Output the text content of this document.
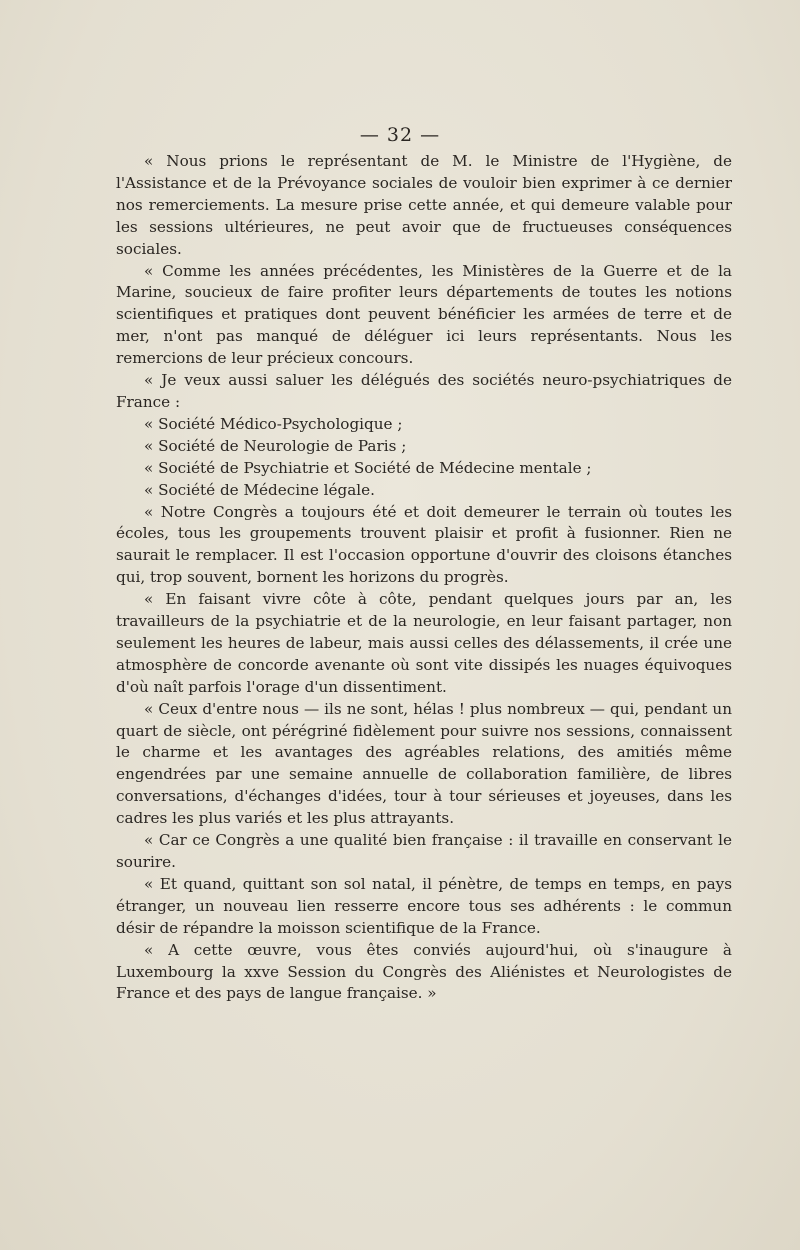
— 32 —

« Nous prions le représentant de M. le Ministre de l'Hygiène, de l'Assistance et de la Prévoyance sociales de vouloir bien exprimer à ce dernier nos remerciements. La mesure prise cette année, et qui demeure valable pour les sessions ultérieures, ne peut avoir que de fructueuses conséquences sociales.

« Comme les années précédentes, les Ministères de la Guerre et de la Marine, soucieux de faire profiter leurs départements de toutes les notions scientifiques et pratiques dont peuvent bénéficier les armées de terre et de mer, n'ont pas manqué de déléguer ici leurs représentants. Nous les remercions de leur précieux concours.

« Je veux aussi saluer les délégués des sociétés neuro-psychiatriques de France :

« Société Médico-Psychologique ;

« Société de Neurologie de Paris ;

« Société de Psychiatrie et Société de Médecine mentale ;

« Société de Médecine légale.

« Notre Congrès a toujours été et doit demeurer le terrain où toutes les écoles, tous les groupements trouvent plaisir et profit à fusionner. Rien ne saurait le remplacer. Il est l'occasion opportune d'ouvrir des cloisons étanches qui, trop souvent, bornent les horizons du progrès.

« En faisant vivre côte à côte, pendant quelques jours par an, les travailleurs de la psychiatrie et de la neurologie, en leur faisant partager, non seulement les heures de labeur, mais aussi celles des délassements, il crée une atmosphère de concorde avenante où sont vite dissipés les nuages équivoques d'où naît parfois l'orage d'un dissentiment.

« Ceux d'entre nous — ils ne sont, hélas ! plus nombreux — qui, pendant un quart de siècle, ont pérégriné fidèlement pour suivre nos sessions, connaissent le charme et les avantages des agréables relations, des amitiés même engendrées par une semaine annuelle de collaboration familière, de libres conversations, d'échanges d'idées, tour à tour sérieuses et joyeuses, dans les cadres les plus variés et les plus attrayants.

« Car ce Congrès a une qualité bien française : il travaille en conservant le sourire.

« Et quand, quittant son sol natal, il pénètre, de temps en temps, en pays étranger, un nouveau lien resserre encore tous ses adhérents : le commun désir de répandre la moisson scientifique de la France.

« A cette œuvre, vous êtes conviés aujourd'hui, où s'inaugure à Luxembourg la xxve Session du Congrès des Aliénistes et Neurologistes de France et des pays de langue française. »
